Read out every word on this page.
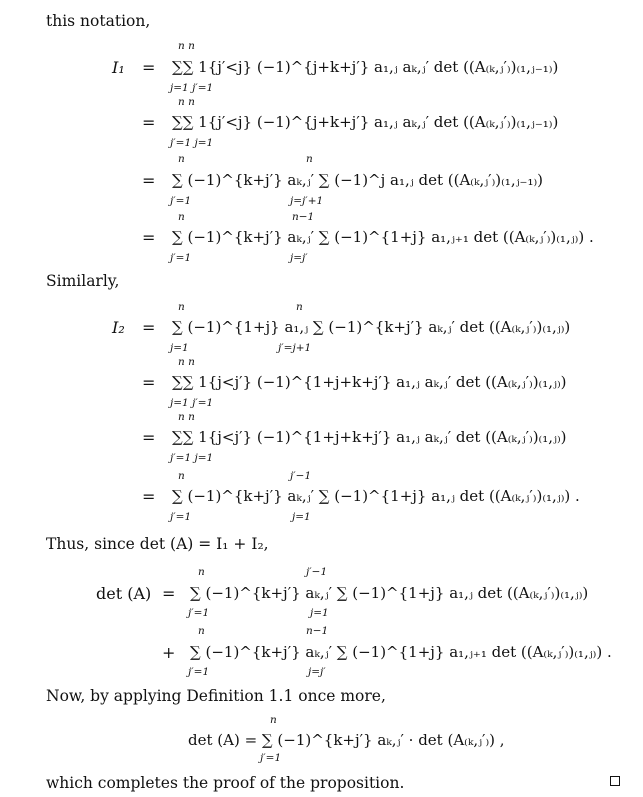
this notation,
I₁ =
=
=
=
∑∑ 1{j′<j} (−1)^{j+k+j′} a₁,ⱼ aₖ,ⱼ′ det ((A₍ₖ,ⱼ′₎)₍₁,ⱼ₋₁₎)
∑∑ 1{j′<j} (−1)^{j+k+j′} a₁,ⱼ aₖ,ⱼ′ det ((A₍ₖ,ⱼ′₎)₍₁,ⱼ₋₁₎)
∑ (−1)^{k+j′} aₖ,ⱼ′ ∑ (−1)^j a₁,ⱼ det ((A₍ₖ,ⱼ′₎)₍₁,ⱼ₋₁₎)
∑ (−1)^{k+j′} aₖ,ⱼ′ ∑ (−1)^{1+j} a₁,ⱼ₊₁ det ((A₍ₖ,ⱼ′₎)₍₁,ⱼ₎) .
n n
j=1 j′=1
n n
j′=1 j=1
n
j′=1
n
j=j′+1
n
j′=1
n−1
j=j′
Similarly,
I₂ =
=
=
=
∑ (−1)^{1+j} a₁,ⱼ ∑ (−1)^{k+j′} aₖ,ⱼ′ det ((A₍ₖ,ⱼ′₎)₍₁,ⱼ₎)
∑∑ 1{j<j′} (−1)^{1+j+k+j′} a₁,ⱼ aₖ,ⱼ′ det ((A₍ₖ,ⱼ′₎)₍₁,ⱼ₎)
∑∑ 1{j<j′} (−1)^{1+j+k+j′} a₁,ⱼ aₖ,ⱼ′ det ((A₍ₖ,ⱼ′₎)₍₁,ⱼ₎)
∑ (−1)^{k+j′} aₖ,ⱼ′ ∑ (−1)^{1+j} a₁,ⱼ det ((A₍ₖ,ⱼ′₎)₍₁,ⱼ₎) .
n
j=1
n
j′=j+1
n n
j=1 j′=1
n n
j′=1 j=1
n
j′=1
j′−1
j=1
Thus, since det (A) = I₁ + I₂,
det (A) =
+
∑ (−1)^{k+j′} aₖ,ⱼ′ ∑ (−1)^{1+j} a₁,ⱼ det ((A₍ₖ,ⱼ′₎)₍₁,ⱼ₎)
∑ (−1)^{k+j′} aₖ,ⱼ′ ∑ (−1)^{1+j} a₁,ⱼ₊₁ det ((A₍ₖ,ⱼ′₎)₍₁,ⱼ₎) .
n
j′=1
j′−1
j=1
n
j′=1
n−1
j=j′
Now, by applying Definition 1.1 once more,
det (A) = ∑ (−1)^{k+j′} aₖ,ⱼ′ · det (A₍ₖ,ⱼ′₎) ,
n
j′=1
which completes the proof of the proposition.
